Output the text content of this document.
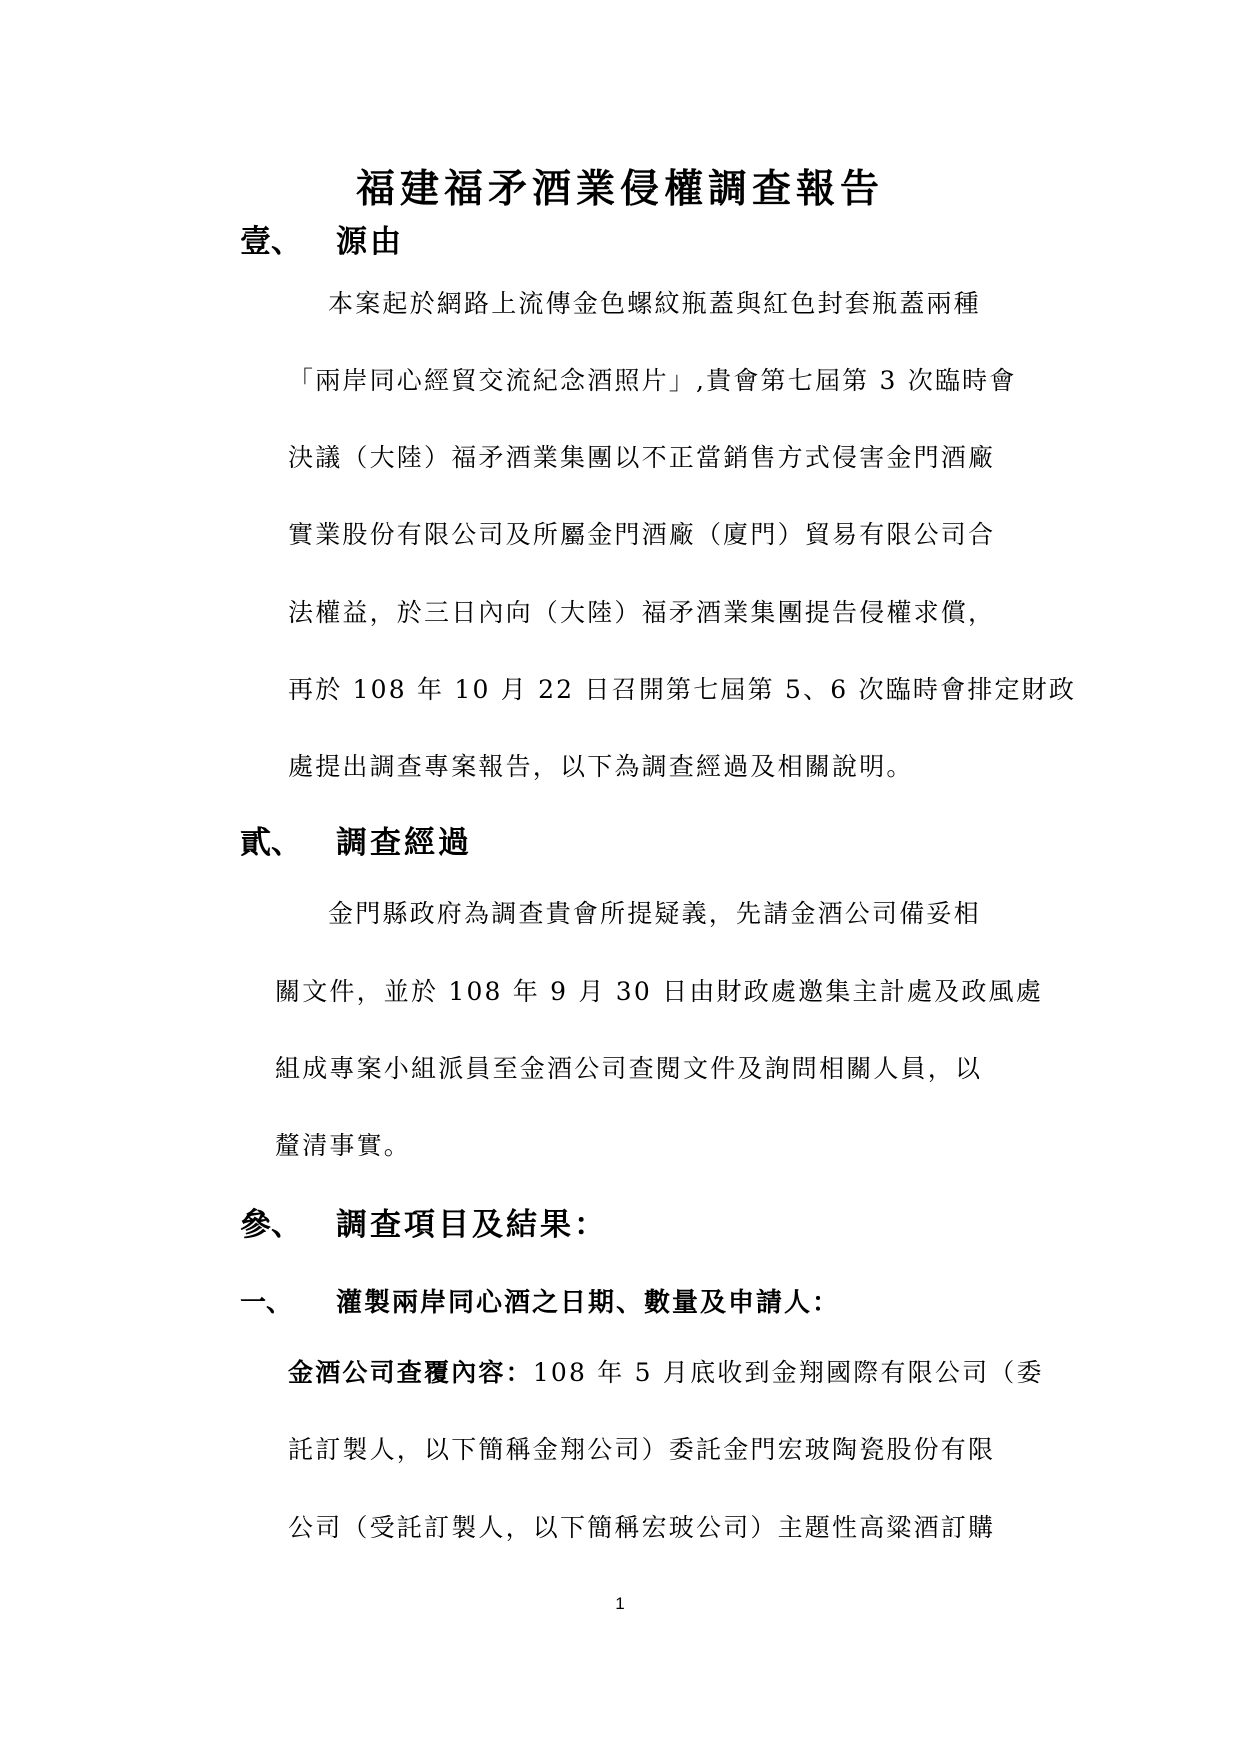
福建福矛酒業侵權調查報告
壹、 源由
本案起於網路上流傳金色螺紋瓶蓋與紅色封套瓶蓋兩種
「兩岸同心經貿交流紀念酒照片」,貴會第七屆第 3 次臨時會
決議（大陸）福矛酒業集團以不正當銷售方式侵害金門酒廠
實業股份有限公司及所屬金門酒廠（廈門）貿易有限公司合
法權益，於三日內向（大陸）福矛酒業集團提告侵權求償，
再於 108 年 10 月 22 日召開第七屆第 5、6 次臨時會排定財政
處提出調查專案報告，以下為調查經過及相關說明。
貳、 調查經過
金門縣政府為調查貴會所提疑義，先請金酒公司備妥相
關文件，並於 108 年 9 月 30 日由財政處邀集主計處及政風處
組成專案小組派員至金酒公司查閱文件及詢問相關人員，以
釐清事實。
參、 調查項目及結果：
一、 灌製兩岸同心酒之日期、數量及申請人：
金酒公司查覆內容：108 年 5 月底收到金翔國際有限公司（委
託訂製人，以下簡稱金翔公司）委託金門宏玻陶瓷股份有限
公司（受託訂製人，以下簡稱宏玻公司）主題性高粱酒訂購
1
